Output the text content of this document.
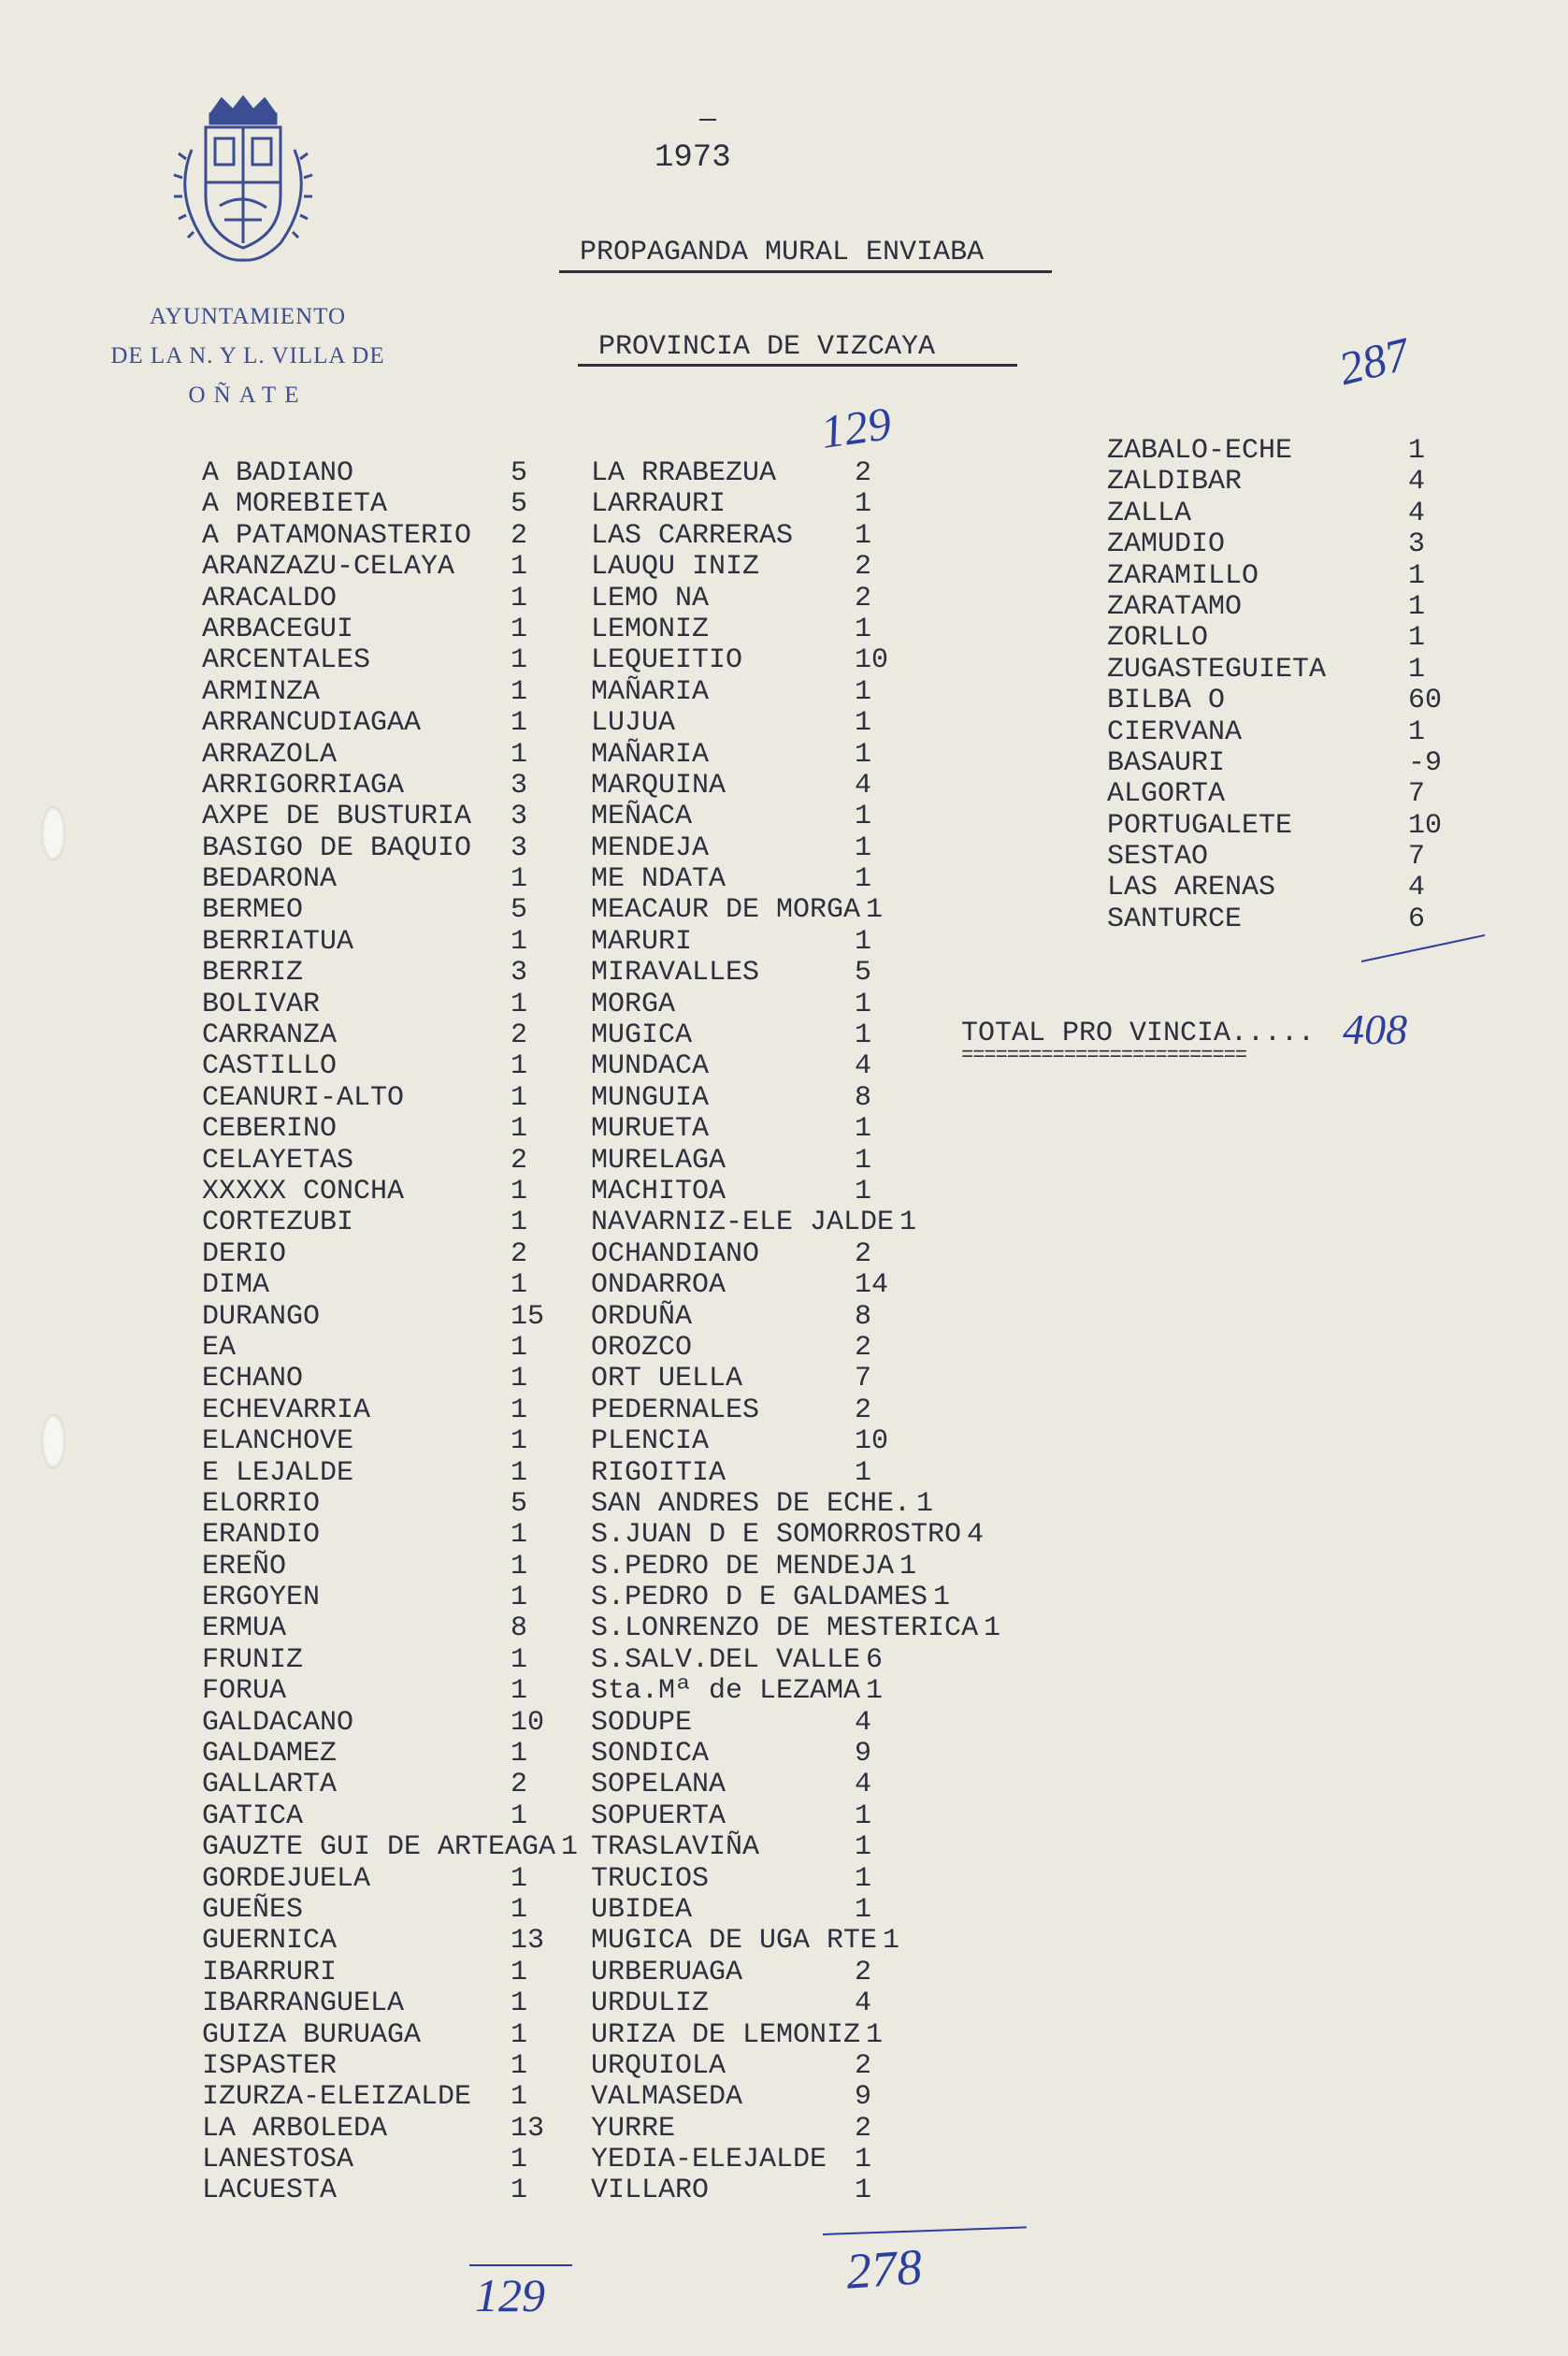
AYUNTAMIENTO
DE LA N. Y L. VILLA DE
OÑATE
1973
PROPAGANDA MURAL ENVIABA
PROVINCIA DE VIZCAYA
A BADIANO	5
A MOREBIETA	5
A PATAMONASTERIO 2
ARANZAZU-CELAYA 1
ARACALDO	1
ARBACEGUI	1
ARCENTALES	1
ARMINZA	1
ARRANCUDIAGAA	1
ARRAZOLA	1
ARRIGORRIAGA	3
AXPE DE BUSTURIA 3
BASIGO DE BAQUIO 3
BEDARONA	1
BERMEO	5
BERRIATUA	1
BERRIZ	3
BOLIVAR	1
CARRANZA	2
CASTILLO	1
CEANURI-ALTO	1
CEBERINO	1
CELAYETAS	2
XXXXX CONCHA	1
CORTEZUBI	1
DERIO	2
DIMA	1
DURANGO	15
EA	1
ECHANO	1
ECHEVARRIA	1
ELANCHOVE	1
E LEJALDE	1
ELORRIO	5
ERANDIO	1
EREÑO	1
ERGOYEN	1
ERMUA	8
FRUNIZ	1
FORUA	1
GALDACANO	10
GALDAMEZ	1
GALLARTA	2
GATICA	1
GAUZTE GUI DE ARTEAGA 1
GORDEJUELA	1
GUEÑES	1
GUERNICA	13
IBARRURI	1
IBARRANGUELA	1
GUIZA BURUAGA	1
ISPASTER	1
IZURZA-ELEIZALDE 1
LA ARBOLEDA	13
LANESTOSA	1
LACUESTA	1
LA RRABEZUA	2
LARRAURI	1
LAS CARRERAS 1
LAUQU INIZ	2
LEMO NA	2
LEMONIZ	1
LEQUEITIO	10
MAÑARIA	1
LUJUA	1
MAÑARIA	1
MARQUINA	4
MEÑACA	1
MENDEJA	1
ME NDATA	1
MEACAUR DE MORGA 1
MARURI	1
MIRAVALLES	5
MORGA	1
MUGICA	1
MUNDACA	4
MUNGUIA	8
MURUETA	1
MURELAGA	1
MACHITOA	1
NAVARNIZ-ELE JALDE 1
OCHANDIANO	2
ONDARROA	14
ORDUÑA	8
OROZCO	2
ORT UELLA	7
PEDERNALES	2
PLENCIA	10
RIGOITIA	1
SAN ANDRES DE ECHE. 1
S.JUAN D E SOMORROSTRO 4
S.PEDRO DE MENDEJA 1
S.PEDRO D E GALDAMES 1
S.LONRENZO DE MESTERICA 1
S.SALV.DEL VALLE 6
Sta.Mª de LEZAMA 1
SODUPE	4
SONDICA	9
SOPELANA	4
SOPUERTA	1
TRASLAVIÑA	1
TRUCIOS	1
UBIDEA	1
MUGICA DE UGA RTE 1
URBERUAGA	2
URDULIZ	4
URIZA DE LEMONIZ 1
URQUIOLA	2
VALMASEDA	9
YURRE	2
YEDIA-ELEJALDE 1
VILLARO	1
ZABALO-ECHE	1
ZALDIBAR	4
ZALLA	4
ZAMUDIO	3
ZARAMILLO	1
ZARATAMO	1
ZORLLO	1
ZUGASTEGUIETA	1
BILBA O	60
CIERVANA	1
BASAURI	-9
ALGORTA	7
PORTUGALETE	10
SESTAO	7
LAS ARENAS	4
SANTURCE	6
TOTAL PRO VINCIA..... 408
=========================
129
287
129	278
